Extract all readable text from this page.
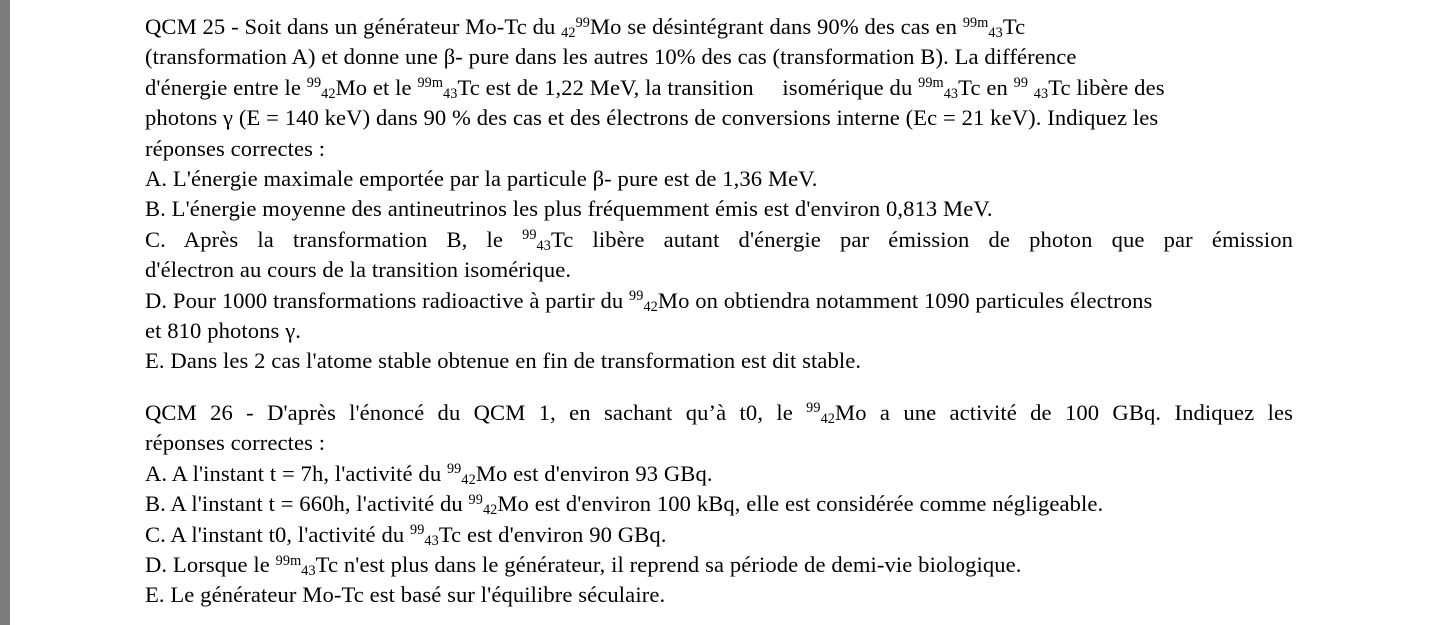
QCM 25 - Soit dans un générateur Mo-Tc du $42^{99}Mo$ se désintégrant dans 90% des cas en $^{99m}$43Tc
(transformation A) et donne une β- pure dans les autres 10% des cas (transformation B). La différence
d'énergie entre le $^{99}$42Mo et le $^{99m}$43Tc est de 1,22 MeV, la transition     isomérique du $^{99m}$43Tc en $^{99}$ 43Tc libère des
photons γ (E = 140 keV) dans 90 % des cas et des électrons de conversions interne (Ec = 21 keV). Indiquez les
réponses correctes :
A. L'énergie maximale emportée par la particule β- pure est de 1,36 MeV.
B. L'énergie moyenne des antineutrinos les plus fréquemment émis est d'environ 0,813 MeV.
C. Après la transformation B, le $^{99}$43Tc libère autant d'énergie par émission de photon que par émission
d'électron au cours de la transition isomérique.
D. Pour 1000 transformations radioactive à partir du $^{99}$42Mo on obtiendra notamment 1090 particules électrons
et 810 photons γ.
E. Dans les 2 cas l'atome stable obtenue en fin de transformation est dit stable.
QCM 26 - D'après l'énoncé du QCM 1, en sachant qu’à t0, le $^{99}$42Mo a une activité de 100 GBq. Indiquez les
réponses correctes :
A. A l'instant t = 7h, l'activité du $^{99}$42Mo est d'environ 93 GBq.
B. A l'instant t = 660h, l'activité du $^{99}$42Mo est d'environ 100 kBq, elle est considérée comme négligeable.
C. A l'instant t0, l'activité du $^{99}$43Tc est d'environ 90 GBq.
D. Lorsque le $^{99m}$43Tc n'est plus dans le générateur, il reprend sa période de demi-vie biologique.
E. Le générateur Mo-Tc est basé sur l'équilibre séculaire.
